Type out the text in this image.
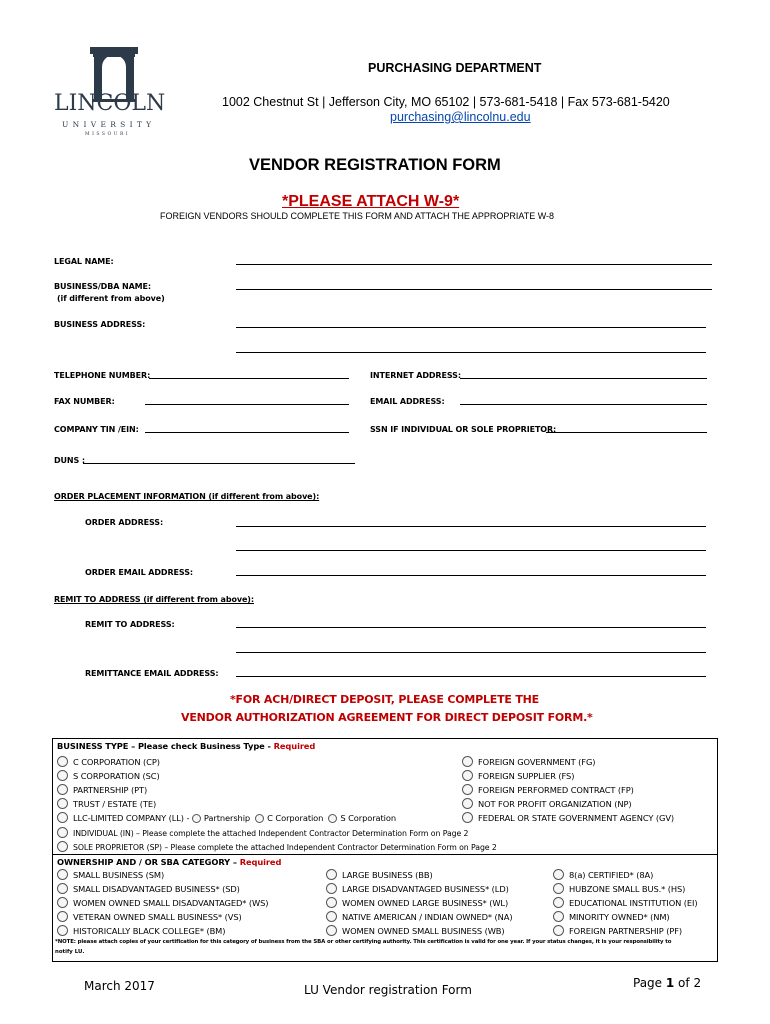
LINCOLN
UNIVERSITY
MISSOURI
PURCHASING DEPARTMENT
1002 Chestnut St | Jefferson City, MO 65102 | 573-681-5418 | Fax 573-681-5420
purchasing@lincolnu.edu
VENDOR REGISTRATION FORM
*PLEASE ATTACH W-9*
FOREIGN VENDORS SHOULD COMPLETE THIS FORM AND ATTACH THE APPROPRIATE W-8
LEGAL NAME:
BUSINESS/DBA NAME:
(if different from above)
BUSINESS ADDRESS:
TELEPHONE NUMBER:	INTERNET ADDRESS:
FAX NUMBER:	EMAIL ADDRESS:
COMPANY TIN /EIN:	SSN IF INDIVIDUAL OR SOLE PROPRIETOR:
DUNS :
ORDER PLACEMENT INFORMATION (if different from above):
ORDER ADDRESS:
ORDER EMAIL ADDRESS:
REMIT TO ADDRESS (if different from above):
REMIT TO ADDRESS:
REMITTANCE EMAIL ADDRESS:
*FOR ACH/DIRECT DEPOSIT, PLEASE COMPLETE THE
VENDOR AUTHORIZATION AGREEMENT FOR DIRECT DEPOSIT FORM.*
BUSINESS TYPE – Please check Business Type - Required
C CORPORATION (CP)
S CORPORATION (SC)
PARTNERSHIP (PT)
TRUST / ESTATE (TE)
LLC-LIMITED COMPANY (LL) - Partnership C Corporation S Corporation
INDIVIDUAL (IN) – Please complete the attached Independent Contractor Determination Form on Page 2
SOLE PROPRIETOR (SP) – Please complete the attached Independent Contractor Determination Form on Page 2
FOREIGN GOVERNMENT (FG)
FOREIGN SUPPLIER (FS)
FOREIGN PERFORMED CONTRACT (FP)
NOT FOR PROFIT ORGANIZATION (NP)
FEDERAL OR STATE GOVERNMENT AGENCY (GV)
OWNERSHIP AND / OR SBA CATEGORY – Required
SMALL BUSINESS (SM)
SMALL DISADVANTAGED BUSINESS* (SD)
WOMEN OWNED SMALL DISADVANTAGED* (WS)
VETERAN OWNED SMALL BUSINESS* (VS)
HISTORICALLY BLACK COLLEGE* (BM)
LARGE BUSINESS (BB)
LARGE DISADVANTAGED BUSINESS* (LD)
WOMEN OWNED LARGE BUSINESS* (WL)
NATIVE AMERICAN / INDIAN OWNED* (NA)
WOMEN OWNED SMALL BUSINESS (WB)
8(a) CERTIFIED* (8A)
HUBZONE SMALL BUS.* (HS)
EDUCATIONAL INSTITUTION (EI)
MINORITY OWNED* (NM)
FOREIGN PARTNERSHIP (PF)
*NOTE: please attach copies of your certification for this category of business from the SBA or other certifying authority. This certification is valid for one year. If your status changes, it is your responsibility to
notify LU.
March 2017	LU Vendor registration Form	Page 1 of 2
